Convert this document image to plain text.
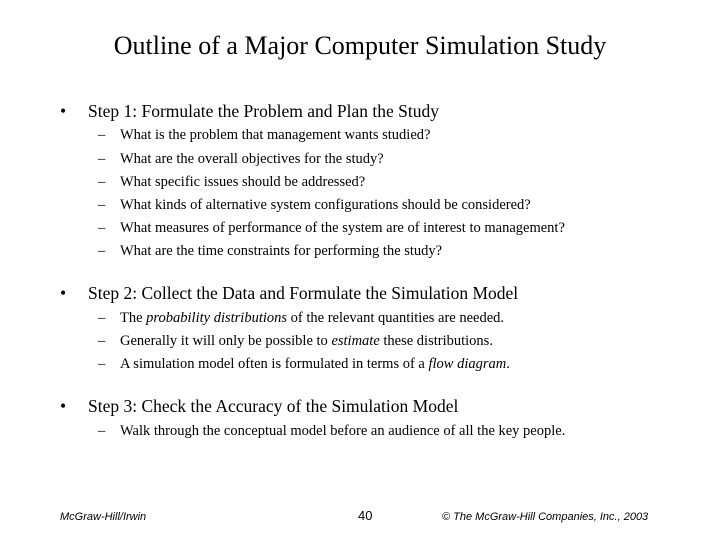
Outline of a Major Computer Simulation Study
• Step 1: Formulate the Problem and Plan the Study
– What is the problem that management wants studied?
– What are the overall objectives for the study?
– What specific issues should be addressed?
– What kinds of alternative system configurations should be considered?
– What measures of performance of the system are of interest to management?
– What are the time constraints for performing the study?
• Step 2: Collect the Data and Formulate the Simulation Model
– The probability distributions of the relevant quantities are needed.
– Generally it will only be possible to estimate these distributions.
– A simulation model often is formulated in terms of a flow diagram.
• Step 3: Check the Accuracy of the Simulation Model
– Walk through the conceptual model before an audience of all the key people.
McGraw-Hill/Irwin	40	© The McGraw-Hill Companies, Inc., 2003
